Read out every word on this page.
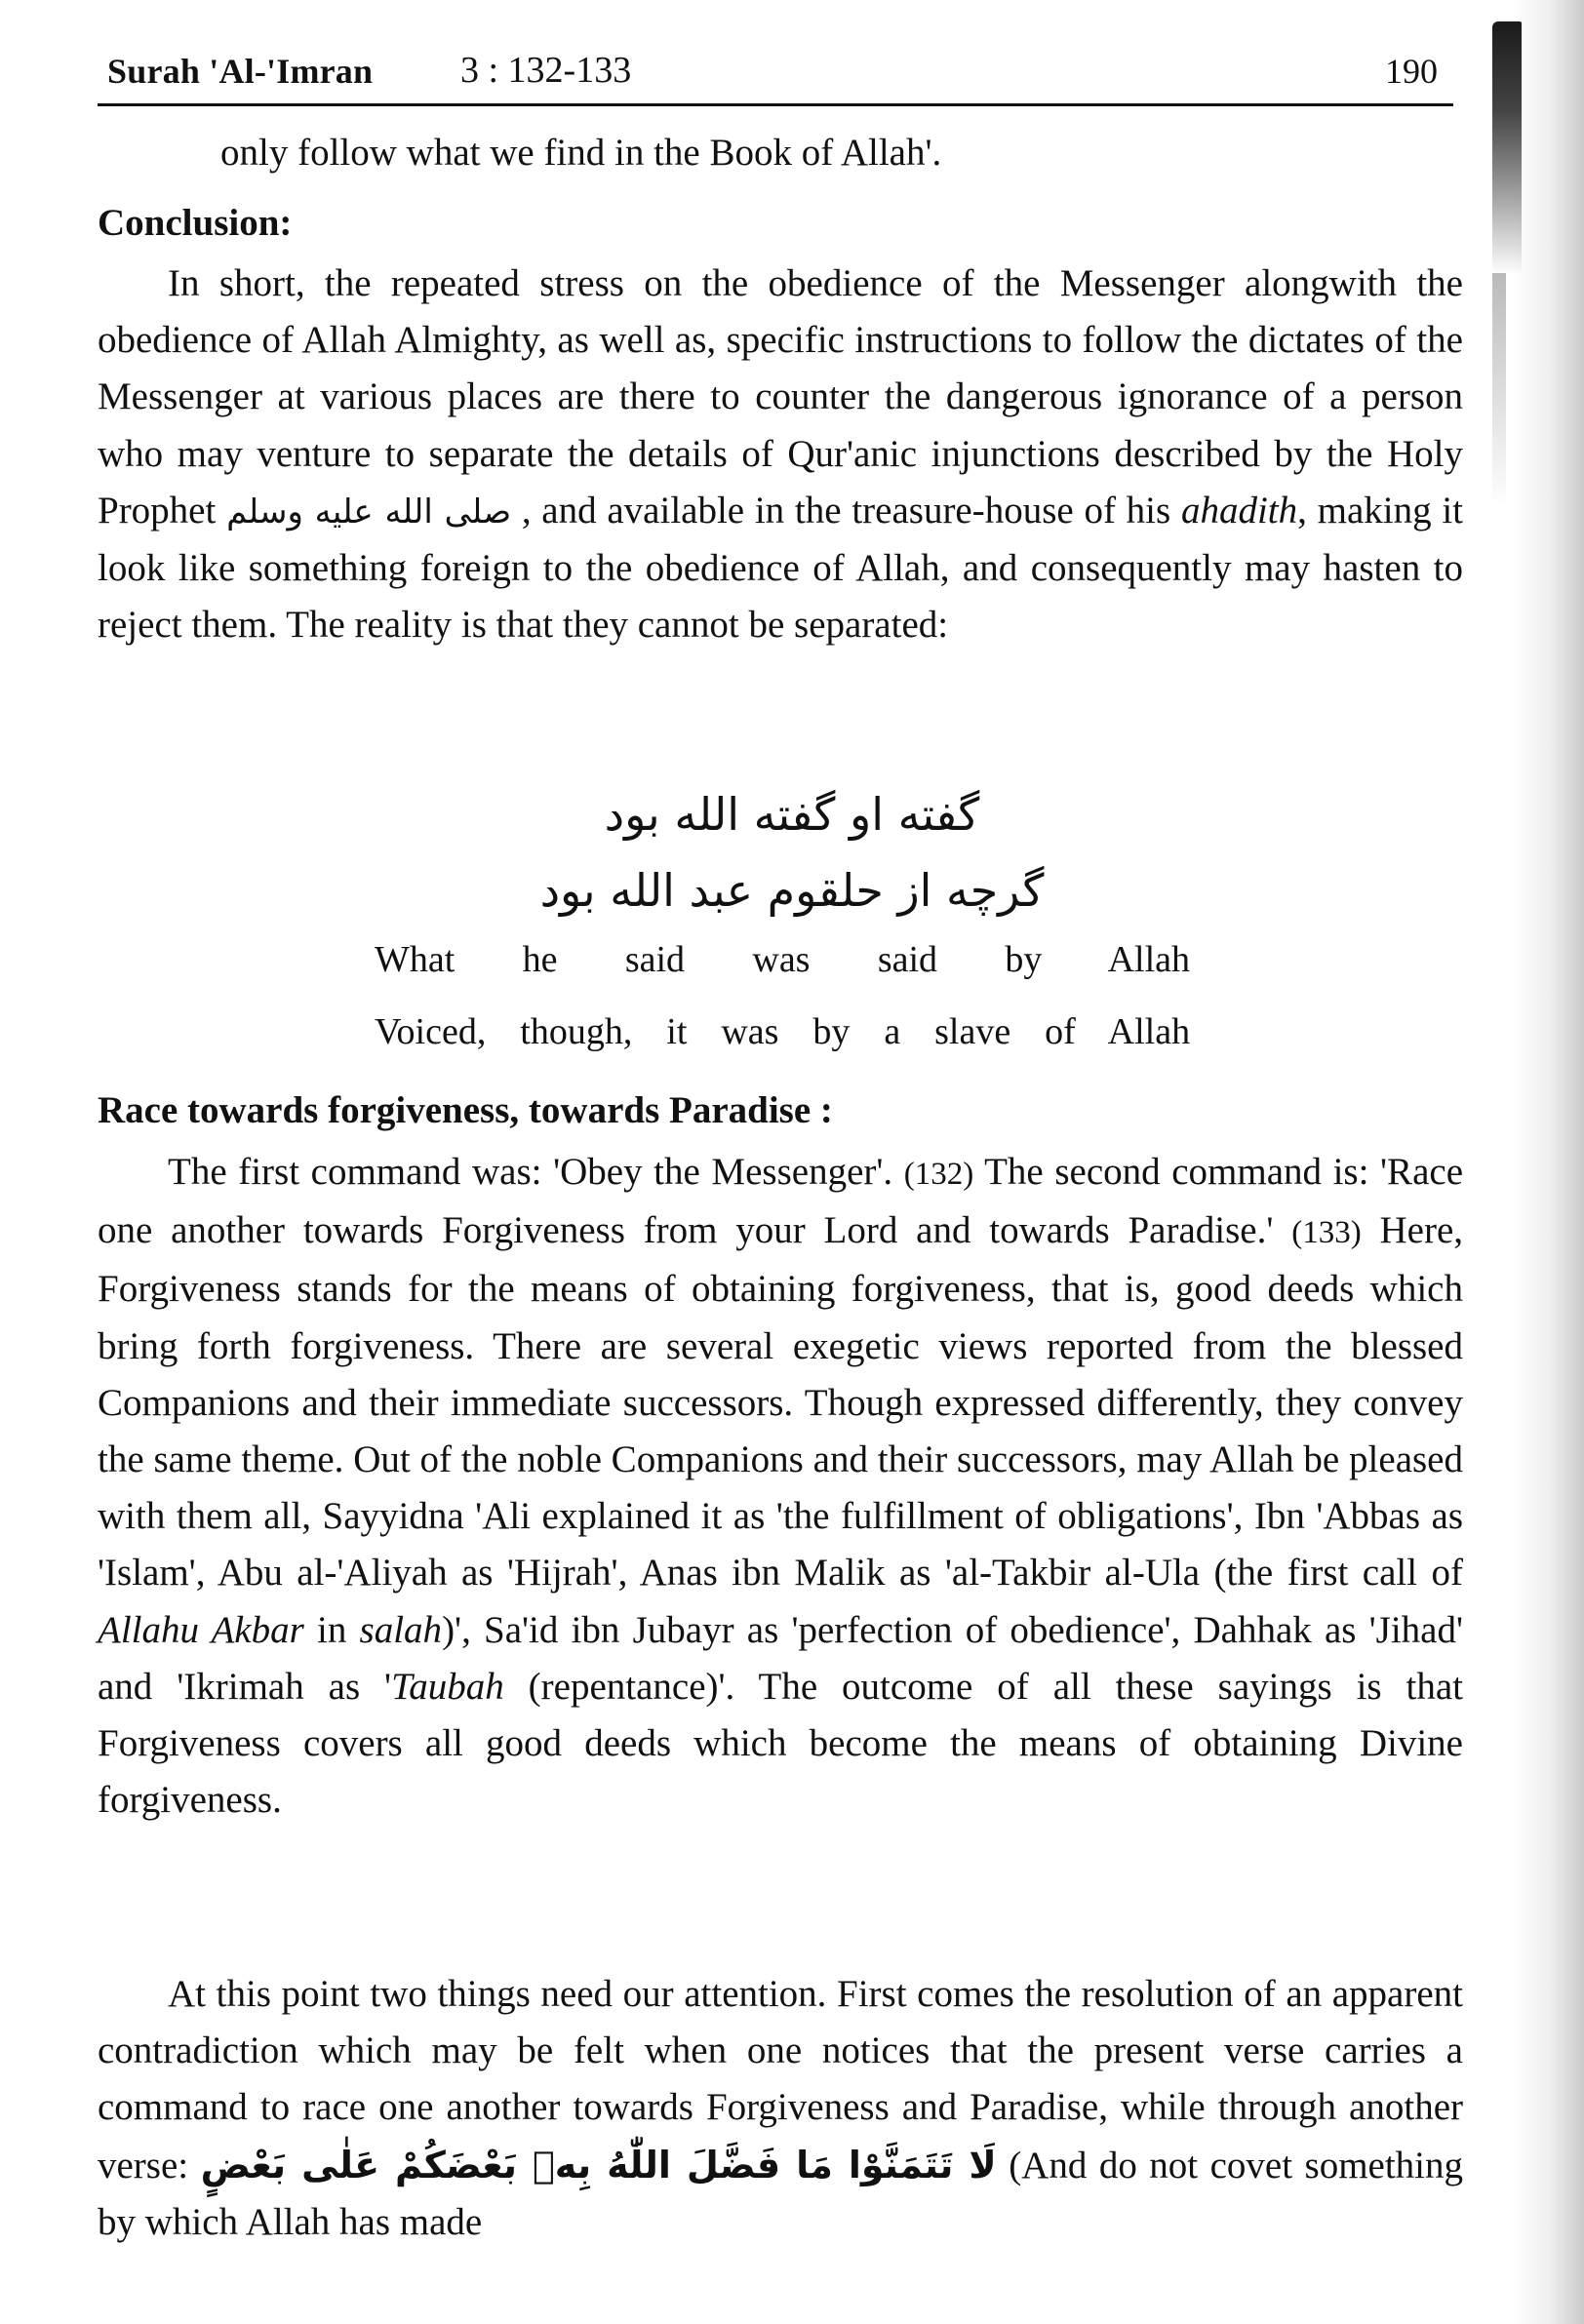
Surah 'Al-'Imran 3 : 132-133	190

only follow what we find in the Book of Allah'.

Conclusion:

In short, the repeated stress on the obedience of the Messenger alongwith the obedience of Allah Almighty, as well as, specific instructions to follow the dictates of the Messenger at various places are there to counter the dangerous ignorance of a person who may venture to separate the details of Qur'anic injunctions described by the Holy Prophet صلى الله عليه وسلم , and available in the treasure-house of his ahadith, making it look like something foreign to the obedience of Allah, and consequently may hasten to reject them. The reality is that they cannot be separated:

گفته او گفته الله بود
گرچه از حلقوم عبد الله بود
What he said was said by Allah
Voiced, though, it was by a slave of Allah
Race towards forgiveness, towards Paradise :

The first command was: 'Obey the Messenger'. (132) The second command is: 'Race one another towards Forgiveness from your Lord and towards Paradise.' (133) Here, Forgiveness stands for the means of obtaining forgiveness, that is, good deeds which bring forth forgiveness. There are several exegetic views reported from the blessed Companions and their immediate successors. Though expressed differently, they convey the same theme. Out of the noble Companions and their successors, may Allah be pleased with them all, Sayyidna 'Ali explained it as 'the fulfillment of obligations', Ibn 'Abbas as 'Islam', Abu al-'Aliyah as 'Hijrah', Anas ibn Malik as 'al-Takbir al-Ula (the first call of Allahu Akbar in salah)', Sa'id ibn Jubayr as 'perfection of obedience', Dahhak as 'Jihad' and 'Ikrimah as 'Taubah (repentance)'. The outcome of all these sayings is that Forgiveness covers all good deeds which become the means of obtaining Divine forgiveness.

At this point two things need our attention. First comes the resolution of an apparent contradiction which may be felt when one notices that the present verse carries a command to race one another towards Forgiveness and Paradise, while through another verse: لَا تَتَمَنَّوْا مَا فَضَّلَ اللّٰهُ بِهٖ بَعْضَكُمْ عَلٰى بَعْضٍ (And do not covet something by which Allah has made
